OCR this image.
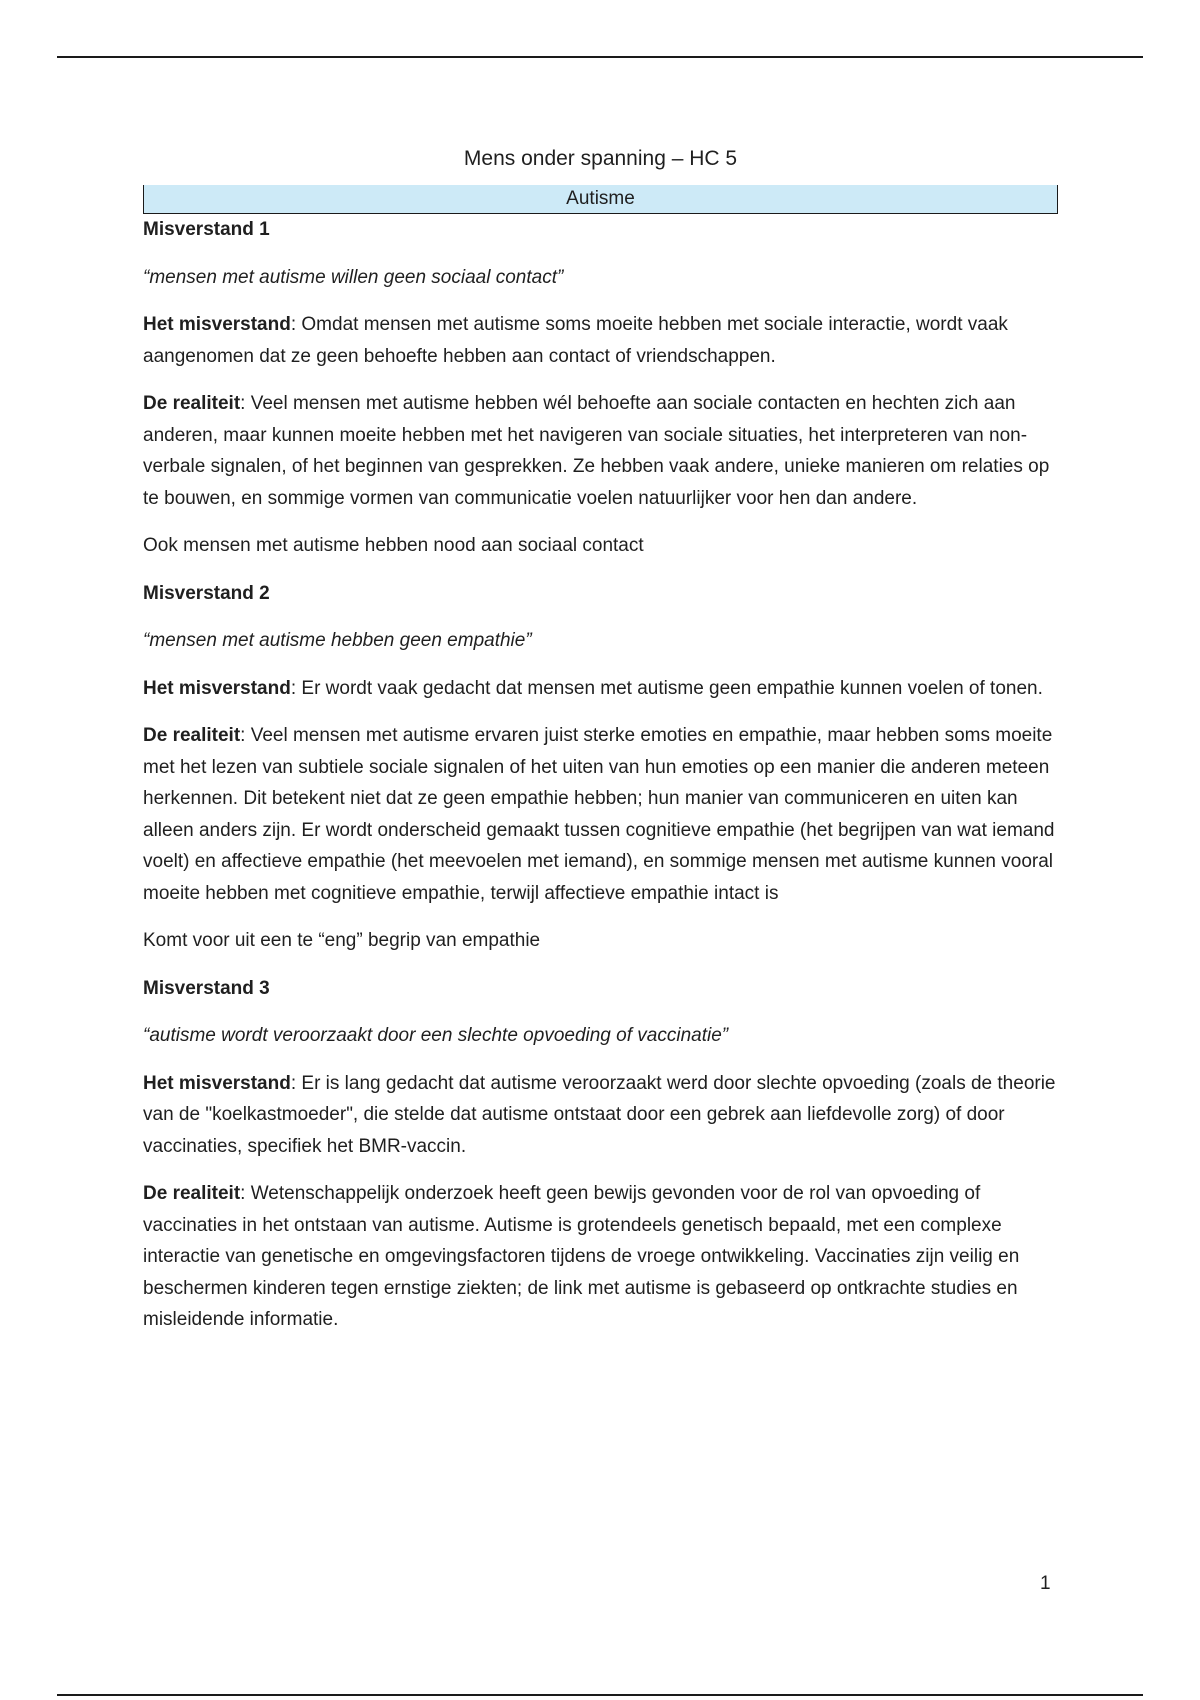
Mens onder spanning – HC 5
Autisme
Misverstand 1
“mensen met autisme willen geen sociaal contact”
Het misverstand: Omdat mensen met autisme soms moeite hebben met sociale interactie, wordt vaak aangenomen dat ze geen behoefte hebben aan contact of vriendschappen.
De realiteit: Veel mensen met autisme hebben wél behoefte aan sociale contacten en hechten zich aan anderen, maar kunnen moeite hebben met het navigeren van sociale situaties, het interpreteren van non-verbale signalen, of het beginnen van gesprekken. Ze hebben vaak andere, unieke manieren om relaties op te bouwen, en sommige vormen van communicatie voelen natuurlijker voor hen dan andere.
Ook mensen met autisme hebben nood aan sociaal contact
Misverstand 2
“mensen met autisme hebben geen empathie”
Het misverstand: Er wordt vaak gedacht dat mensen met autisme geen empathie kunnen voelen of tonen.
De realiteit: Veel mensen met autisme ervaren juist sterke emoties en empathie, maar hebben soms moeite met het lezen van subtiele sociale signalen of het uiten van hun emoties op een manier die anderen meteen herkennen. Dit betekent niet dat ze geen empathie hebben; hun manier van communiceren en uiten kan alleen anders zijn. Er wordt onderscheid gemaakt tussen cognitieve empathie (het begrijpen van wat iemand voelt) en affectieve empathie (het meevoelen met iemand), en sommige mensen met autisme kunnen vooral moeite hebben met cognitieve empathie, terwijl affectieve empathie intact is
Komt voor uit een te “eng” begrip van empathie
Misverstand 3
“autisme wordt veroorzaakt door een slechte opvoeding of vaccinatie”
Het misverstand: Er is lang gedacht dat autisme veroorzaakt werd door slechte opvoeding (zoals de theorie van de "koelkastmoeder", die stelde dat autisme ontstaat door een gebrek aan liefdevolle zorg) of door vaccinaties, specifiek het BMR-vaccin.
De realiteit: Wetenschappelijk onderzoek heeft geen bewijs gevonden voor de rol van opvoeding of vaccinaties in het ontstaan van autisme. Autisme is grotendeels genetisch bepaald, met een complexe interactie van genetische en omgevingsfactoren tijdens de vroege ontwikkeling. Vaccinaties zijn veilig en beschermen kinderen tegen ernstige ziekten; de link met autisme is gebaseerd op ontkrachte studies en misleidende informatie.
1
